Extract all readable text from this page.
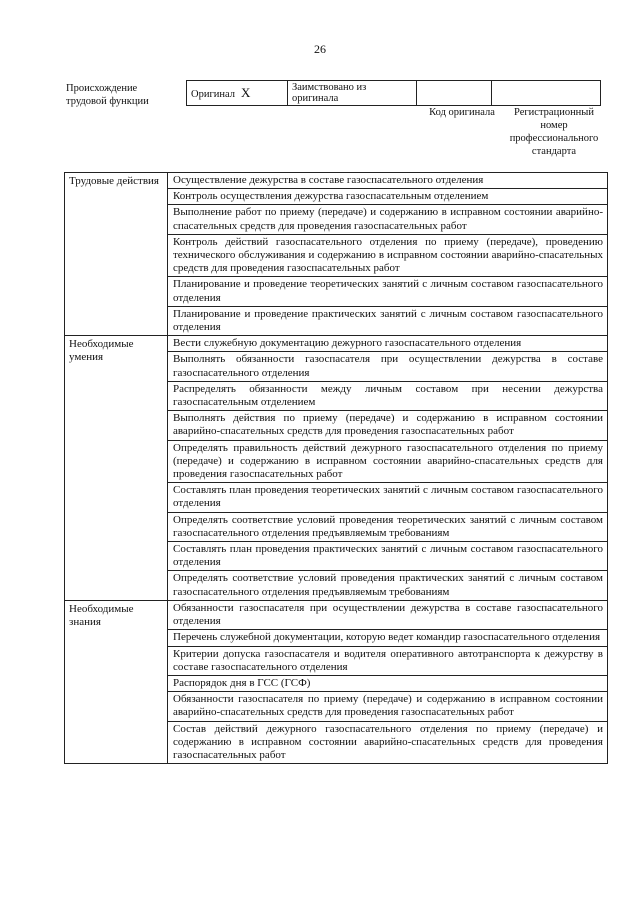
26
Происхождение трудовой функции
Оригинал X	Заимствовано из оригинала		
Код оригинала	Регистрационный номер профессионального стандарта
Трудовые действия	Осуществление дежурства в составе газоспасательного отделения
	Контроль осуществления дежурства газоспасательным отделением
	Выполнение работ по приему (передаче) и содержанию в исправном состоянии аварийно-спасательных средств для проведения газоспасательных работ
	Контроль действий газоспасательного отделения по приему (передаче), проведению технического обслуживания и содержанию в исправном состоянии аварийно-спасательных средств для проведения газоспасательных работ
	Планирование и проведение теоретических занятий с личным составом газоспасательного отделения
	Планирование и проведение практических занятий с личным составом газоспасательного отделения
Необходимые умения	Вести служебную документацию дежурного газоспасательного отделения
	Выполнять обязанности газоспасателя при осуществлении дежурства в составе газоспасательного отделения
	Распределять обязанности между личным составом при несении дежурства газоспасательным отделением
	Выполнять действия по приему (передаче) и содержанию в исправном состоянии аварийно-спасательных средств для проведения газоспасательных работ
	Определять правильность действий дежурного газоспасательного отделения по приему (передаче) и содержанию в исправном состоянии аварийно-спасательных средств для проведения газоспасательных работ
	Составлять план проведения теоретических занятий с личным составом газоспасательного отделения
	Определять соответствие условий проведения теоретических занятий с личным составом газоспасательного отделения предъявляемым требованиям
	Составлять план проведения практических занятий с личным составом газоспасательного отделения
	Определять соответствие условий проведения практических занятий с личным составом газоспасательного отделения предъявляемым требованиям
Необходимые знания	Обязанности газоспасателя при осуществлении дежурства в составе газоспасательного отделения
	Перечень служебной документации, которую ведет командир газоспасательного отделения
	Критерии допуска газоспасателя и водителя оперативного автотранспорта к дежурству в составе газоспасательного отделения
	Распорядок дня в ГСС (ГСФ)
	Обязанности газоспасателя по приему (передаче) и содержанию в исправном состоянии аварийно-спасательных средств для проведения газоспасательных работ
	Состав действий дежурного газоспасательного отделения по приему (передаче) и содержанию в исправном состоянии аварийно-спасательных средств для проведения газоспасательных работ
